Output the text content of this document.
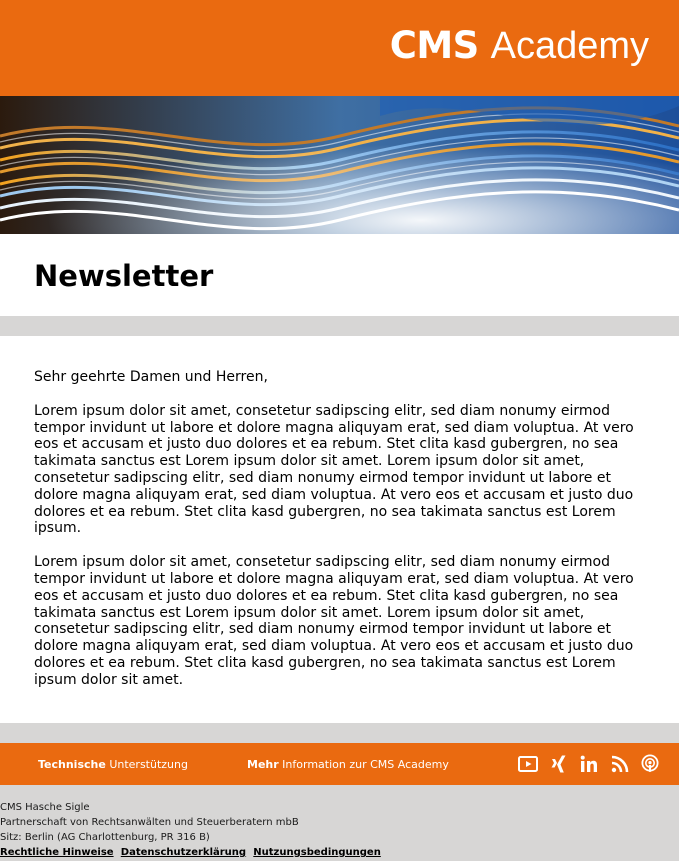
CMS Academy
Newsletter

Sehr geehrte Damen und Herren,

Lorem ipsum dolor sit amet, consetetur sadipscing elitr, sed diam nonumy eirmod tempor invidunt ut labore et dolore magna aliquyam erat, sed diam voluptua. At vero eos et accusam et justo duo dolores et ea rebum. Stet clita kasd gubergren, no sea takimata sanctus est Lorem ipsum dolor sit amet. Lorem ipsum dolor sit amet, consetetur sadipscing elitr, sed diam nonumy eirmod tempor invidunt ut labore et dolore magna aliquyam erat, sed diam voluptua. At vero eos et accusam et justo duo dolores et ea rebum. Stet clita kasd gubergren, no sea takimata sanctus est Lorem ipsum.

Lorem ipsum dolor sit amet, consetetur sadipscing elitr, sed diam nonumy eirmod tempor invidunt ut labore et dolore magna aliquyam erat, sed diam voluptua. At vero eos et accusam et justo duo dolores et ea rebum. Stet clita kasd gubergren, no sea takimata sanctus est Lorem ipsum dolor sit amet. Lorem ipsum dolor sit amet, consetetur sadipscing elitr, sed diam nonumy eirmod tempor invidunt ut labore et dolore magna aliquyam erat, sed diam voluptua. At vero eos et accusam et justo duo dolores et ea rebum. Stet clita kasd gubergren, no sea takimata sanctus est Lorem ipsum dolor sit amet.

Technische Unterstützung	Mehr Information zur CMS Academy

CMS Hasche Sigle
Partnerschaft von Rechtsanwälten und Steuerberatern mbB
Sitz: Berlin (AG Charlottenburg, PR 316 B)
Rechtliche Hinweise Datenschutzerklärung Nutzungsbedingungen
